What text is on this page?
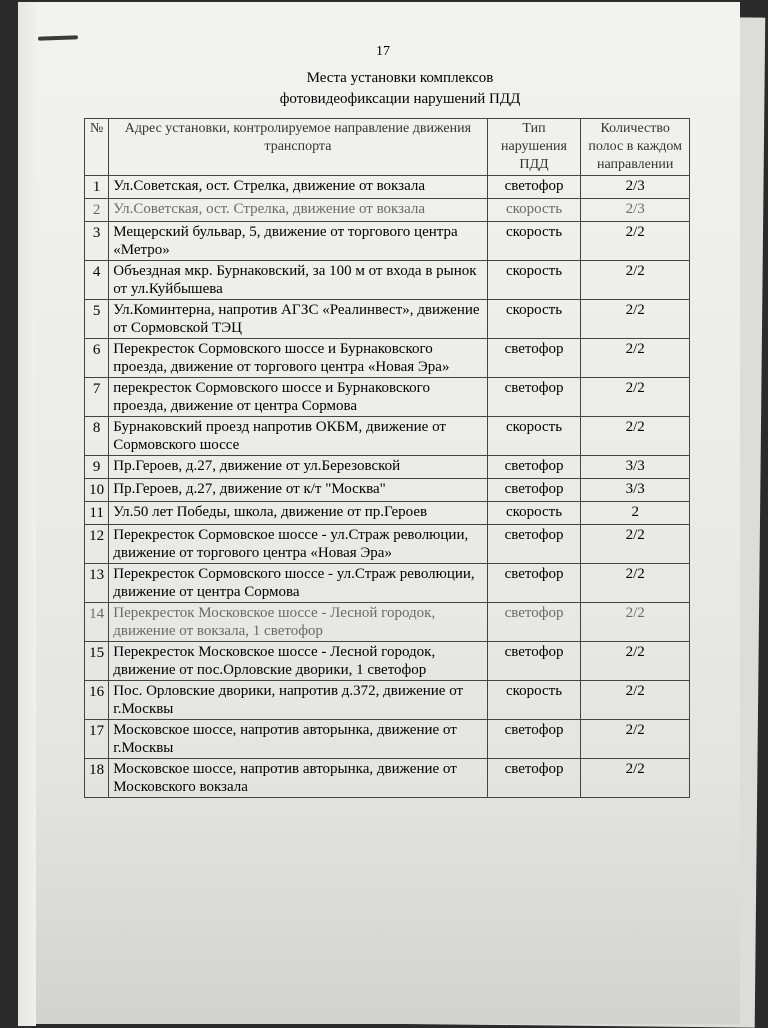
17
Места установки комплексов
фотовидеофиксации нарушений ПДД
№	Адрес установки, контролируемое направление движения транспорта	Тип нарушения ПДД	Количество полос в каждом направлении
1	Ул.Советская, ост. Стрелка, движение от вокзала	светофор	2/3
2	Ул.Советская, ост. Стрелка, движение от вокзала	скорость	2/3
3	Мещерский бульвар, 5, движение от торгового центра «Метро»	скорость	2/2
4	Объездная мкр. Бурнаковский, за 100 м от входа в рынок от ул.Куйбышева	скорость	2/2
5	Ул.Коминтерна, напротив АГЗС «Реалинвест», движение от Сормовской ТЭЦ	скорость	2/2
6	Перекресток Сормовского шоссе и Бурнаковского проезда, движение от торгового центра «Новая Эра»	светофор	2/2
7	перекресток Сормовского шоссе и Бурнаковского проезда, движение от центра Сормова	светофор	2/2
8	Бурнаковский проезд напротив ОКБМ, движение от Сормовского шоссе	скорость	2/2
9	Пр.Героев, д.27, движение от ул.Березовской	светофор	3/3
10	Пр.Героев, д.27, движение от к/т "Москва"	светофор	3/3
11	Ул.50 лет Победы, школа, движение от пр.Героев	скорость	2
12	Перекресток Сормовское шоссе - ул.Страж революции, движение от торгового центра «Новая Эра»	светофор	2/2
13	Перекресток Сормовского шоссе - ул.Страж революции, движение от центра Сормова	светофор	2/2
14	Перекресток Московское шоссе - Лесной городок, движение от вокзала, 1 светофор	светофор	2/2
15	Перекресток Московское шоссе - Лесной городок, движение от пос.Орловские дворики, 1 светофор	светофор	2/2
16	Пос. Орловские дворики, напротив д.372, движение от г.Москвы	скорость	2/2
17	Московское шоссе, напротив авторынка, движение от г.Москвы	светофор	2/2
18	Московское шоссе, напротив авторынка, движение от Московского вокзала	светофор	2/2
